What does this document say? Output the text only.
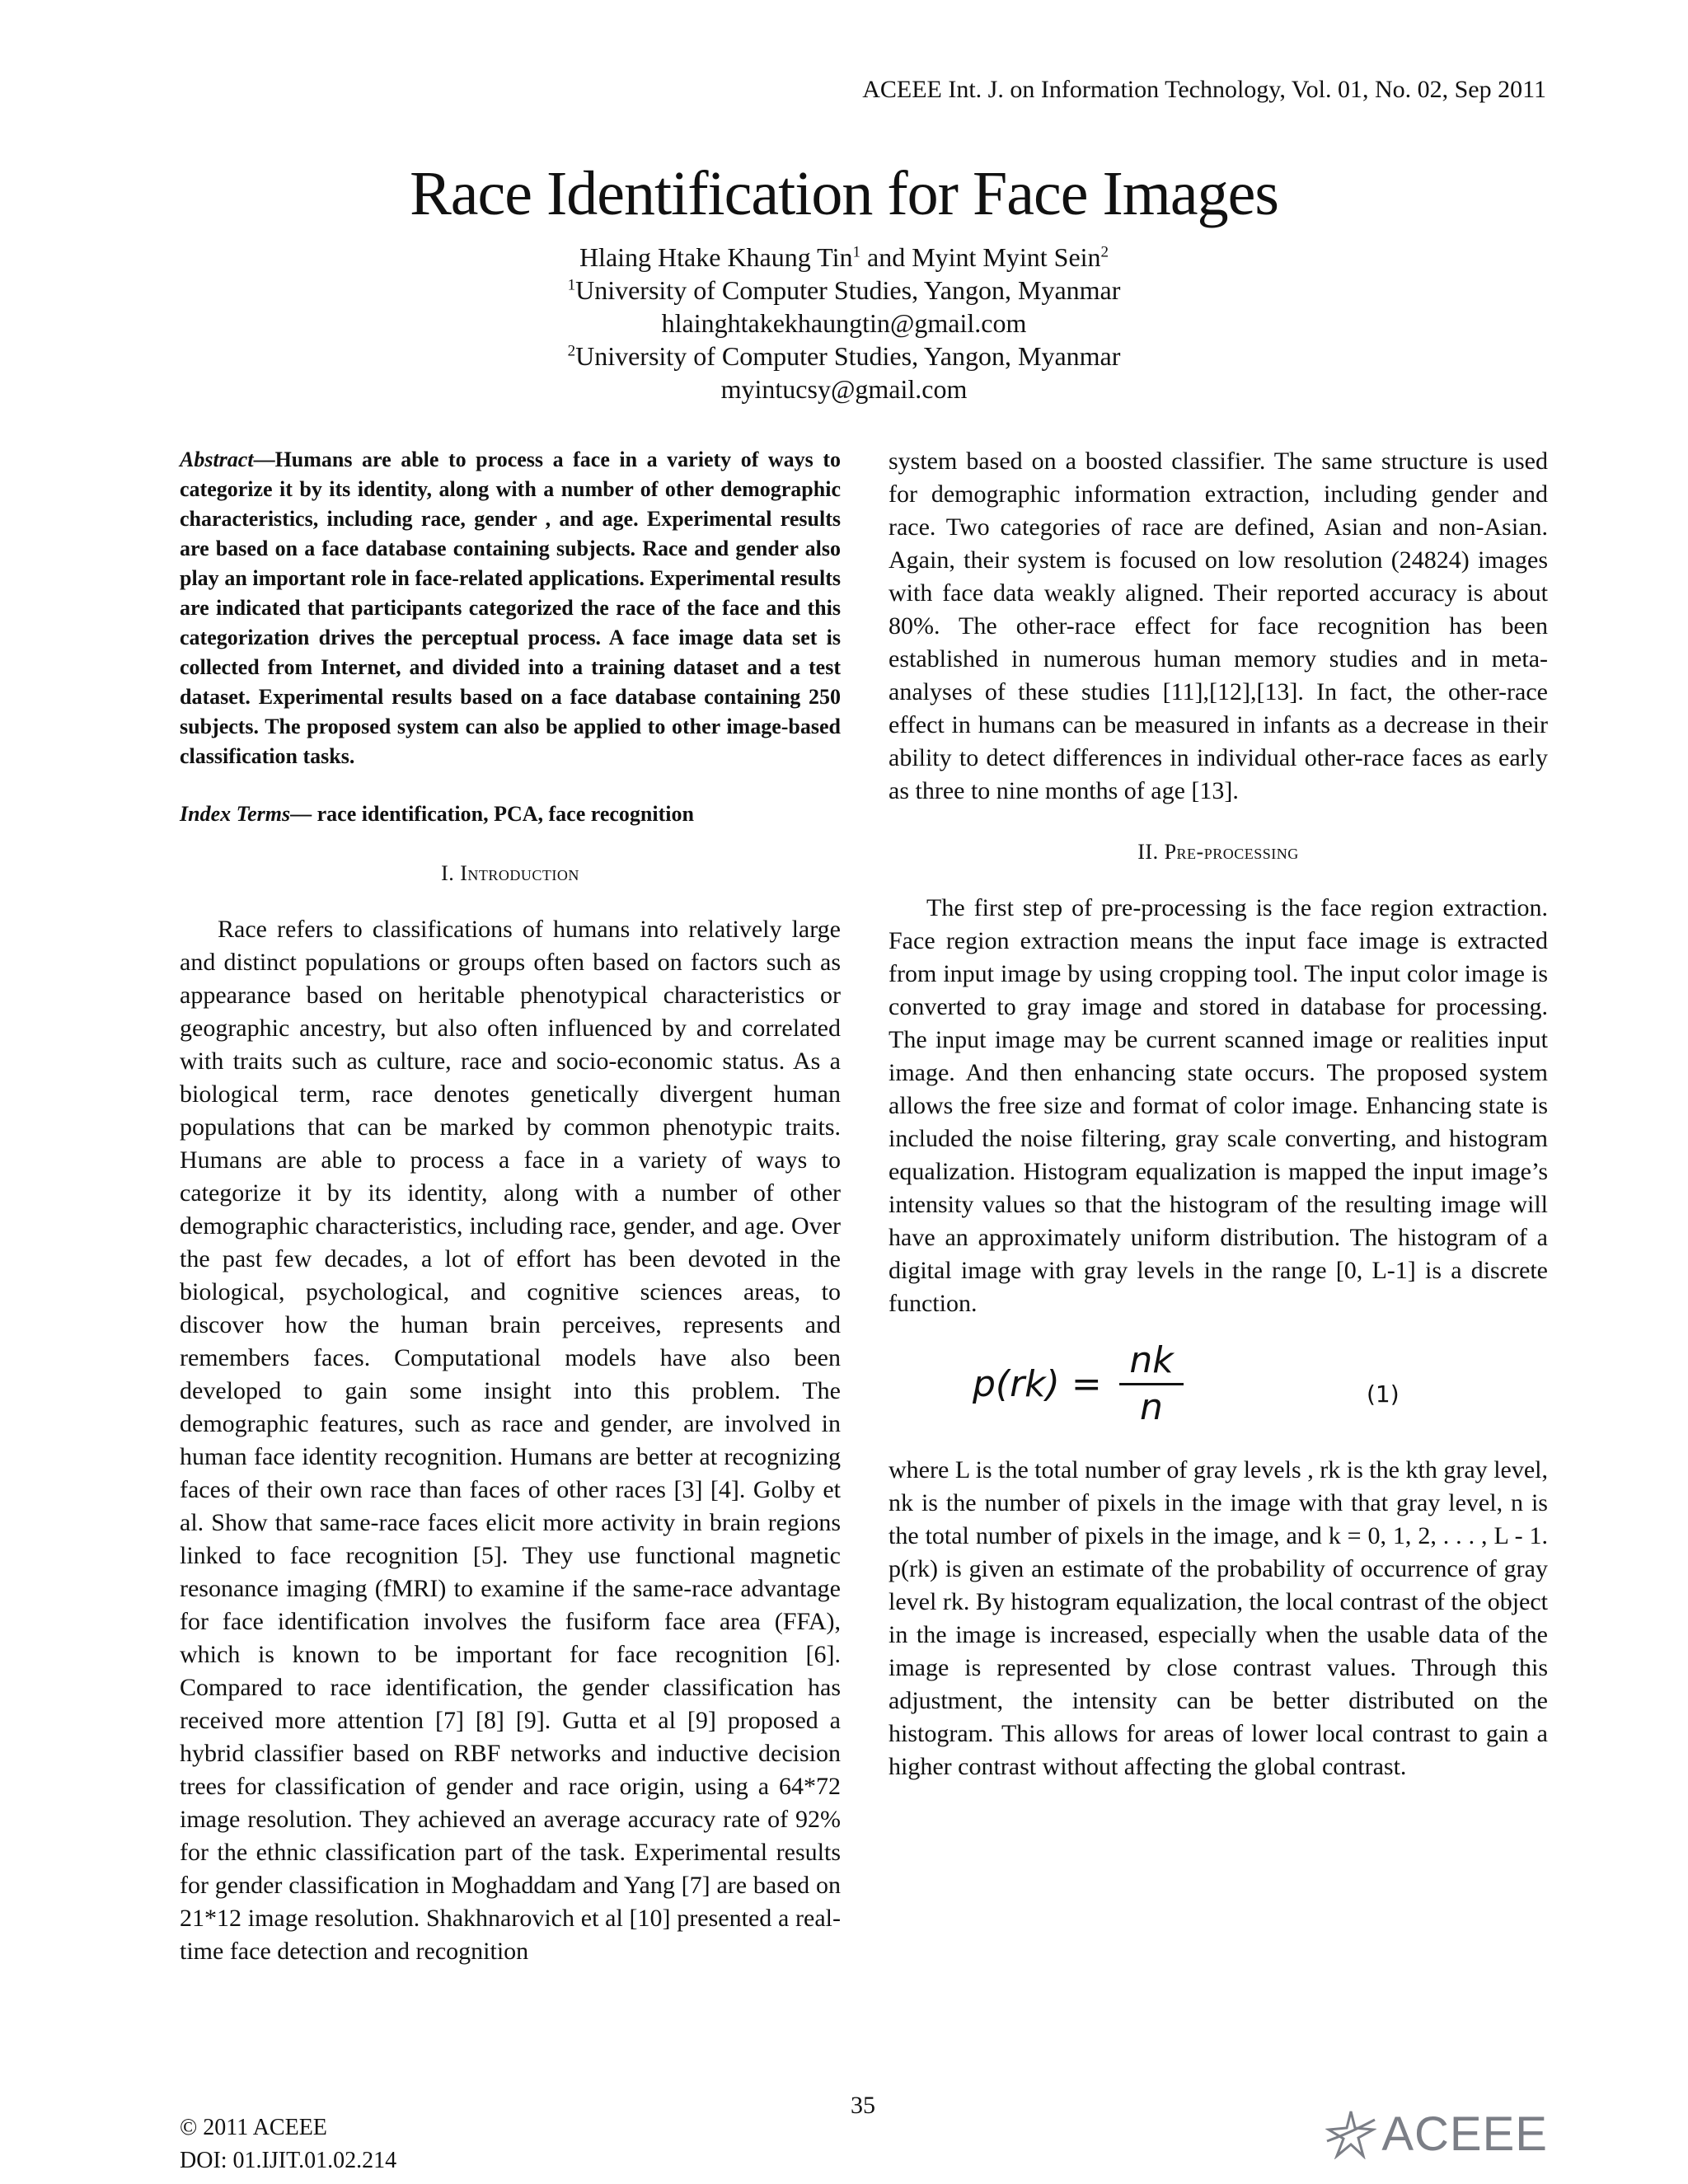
ACEEE Int. J. on Information Technology, Vol. 01, No. 02, Sep 2011
Race Identification for Face Images
Hlaing Htake Khaung Tin$^1$ and Myint Myint Sein$^2$
$^1$University of Computer Studies, Yangon, Myanmar
hlainghtakekhaungtin@gmail.com
$^2$University of Computer Studies, Yangon, Myanmar
myintucsy@gmail.com

Abstract—Humans are able to process a face in a variety of ways to categorize it by its identity, along with a number of other demographic characteristics, including race, gender , and age. Experimental results are based on a face database containing subjects. Race and gender also play an important role in face-related applications. Experimental results are indicated that participants categorized the race of the face and this categorization drives the perceptual process. A face image data set is collected from Internet, and divided into a training dataset and a test dataset. Experimental results based on a face database containing 250 subjects. The proposed system can also be applied to other image-based classification tasks.

Index Terms— race identification, PCA, face recognition

I. Introduction

Race refers to classifications of humans into relatively large and distinct populations or groups often based on factors such as appearance based on heritable phenotypical characteristics or geographic ancestry, but also often influenced by and correlated with traits such as culture, race and socio-economic status. As a biological term, race denotes genetically divergent human populations that can be marked by common phenotypic traits. Humans are able to process a face in a variety of ways to categorize it by its identity, along with a number of other demographic characteristics, including race, gender, and age. Over the past few decades, a lot of effort has been devoted in the biological, psychological, and cognitive sciences areas, to discover how the human brain perceives, represents and remembers faces. Computational models have also been developed to gain some insight into this problem. The demographic features, such as race and gender, are involved in human face identity recognition. Humans are better at recognizing faces of their own race than faces of other races [3] [4]. Golby et al. Show that same-race faces elicit more activity in brain regions linked to face recognition [5]. They use functional magnetic resonance imaging (fMRI) to examine if the same-race advantage for face identification involves the fusiform face area (FFA), which is known to be important for face recognition [6]. Compared to race identification, the gender classification has received more attention [7] [8] [9]. Gutta et al [9] proposed a hybrid classifier based on RBF networks and inductive decision trees for classification of gender and race origin, using a 64*72 image resolution. They achieved an average accuracy rate of 92% for the ethnic classification part of the task. Experimental results for gender classification in Moghaddam and Yang [7] are based on 21*12 image resolution. Shakhnarovich et al [10] presented a real-time face detection and recognition

system based on a boosted classifier. The same structure is used for demographic information extraction, including gender and race. Two categories of race are defined, Asian and non-Asian. Again, their system is focused on low resolution (24824) images with face data weakly aligned. Their reported accuracy is about 80%. The other-race effect for face recognition has been established in numerous human memory studies and in meta-analyses of these studies [11],[12],[13]. In fact, the other-race effect in humans can be measured in infants as a decrease in their ability to detect differences in individual other-race faces as early as three to nine months of age [13].

II. Pre-processing

The first step of pre-processing is the face region extraction. Face region extraction means the input face image is extracted from input image by using cropping tool. The input color image is converted to gray image and stored in database for processing. The input image may be current scanned image or realities input image. And then enhancing state occurs. The proposed system allows the free size and format of color image. Enhancing state is included the noise filtering, gray scale converting, and histogram equalization. Histogram equalization is mapped the input image’s intensity values so that the histogram of the resulting image will have an approximately uniform distribution. The histogram of a digital image with gray levels in the range [0, L-1] is a discrete function.

$p(rk) = \frac{nk}{n}$	(1)

where L is the total number of gray levels , rk is the kth gray level, nk is the number of pixels in the image with that gray level, n is the total number of pixels in the image, and k = 0, 1, 2, . . . , L - 1. p(rk) is given an estimate of the probability of occurrence of gray level rk. By histogram equalization, the local contrast of the object in the image is increased, especially when the usable data of the image is represented by close contrast values. Through this adjustment, the intensity can be better distributed on the histogram. This allows for areas of lower local contrast to gain a higher contrast without affecting the global contrast.

35
© 2011 ACEEE
DOI: 01.IJIT.01.02.214	ACEEE
